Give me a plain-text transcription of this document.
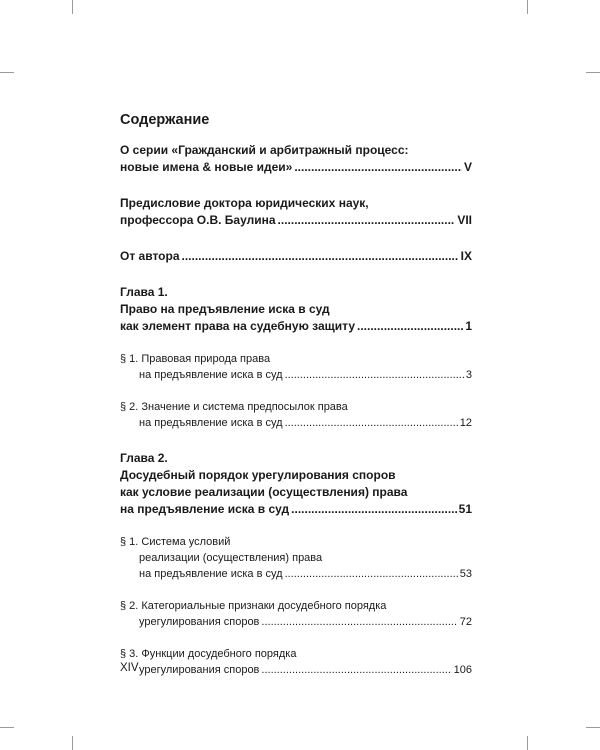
Содержание
О серии «Гражданский и арбитражный процесс:
новые имена & новые идеи» .....	V
Предисловие доктора юридических наук,
профессора О.В. Баулина .....	VII
От автора .....	IX
Глава 1.
Право на предъявление иска в суд
как элемент права на судебную защиту .....	1
§ 1. Правовая природа права
на предъявление иска в суд .....	3
§ 2. Значение и система предпосылок права
на предъявление иска в суд .....	12
Глава 2.
Досудебный порядок урегулирования споров
как условие реализации (осуществления) права
на предъявление иска в суд .....	51
§ 1. Система условий
реализации (осуществления) права
на предъявление иска в суд .....	53
§ 2. Категориальные признаки досудебного порядка
урегулирования споров .....	72
§ 3. Функции досудебного порядка
урегулирования споров .....	106
XIV
